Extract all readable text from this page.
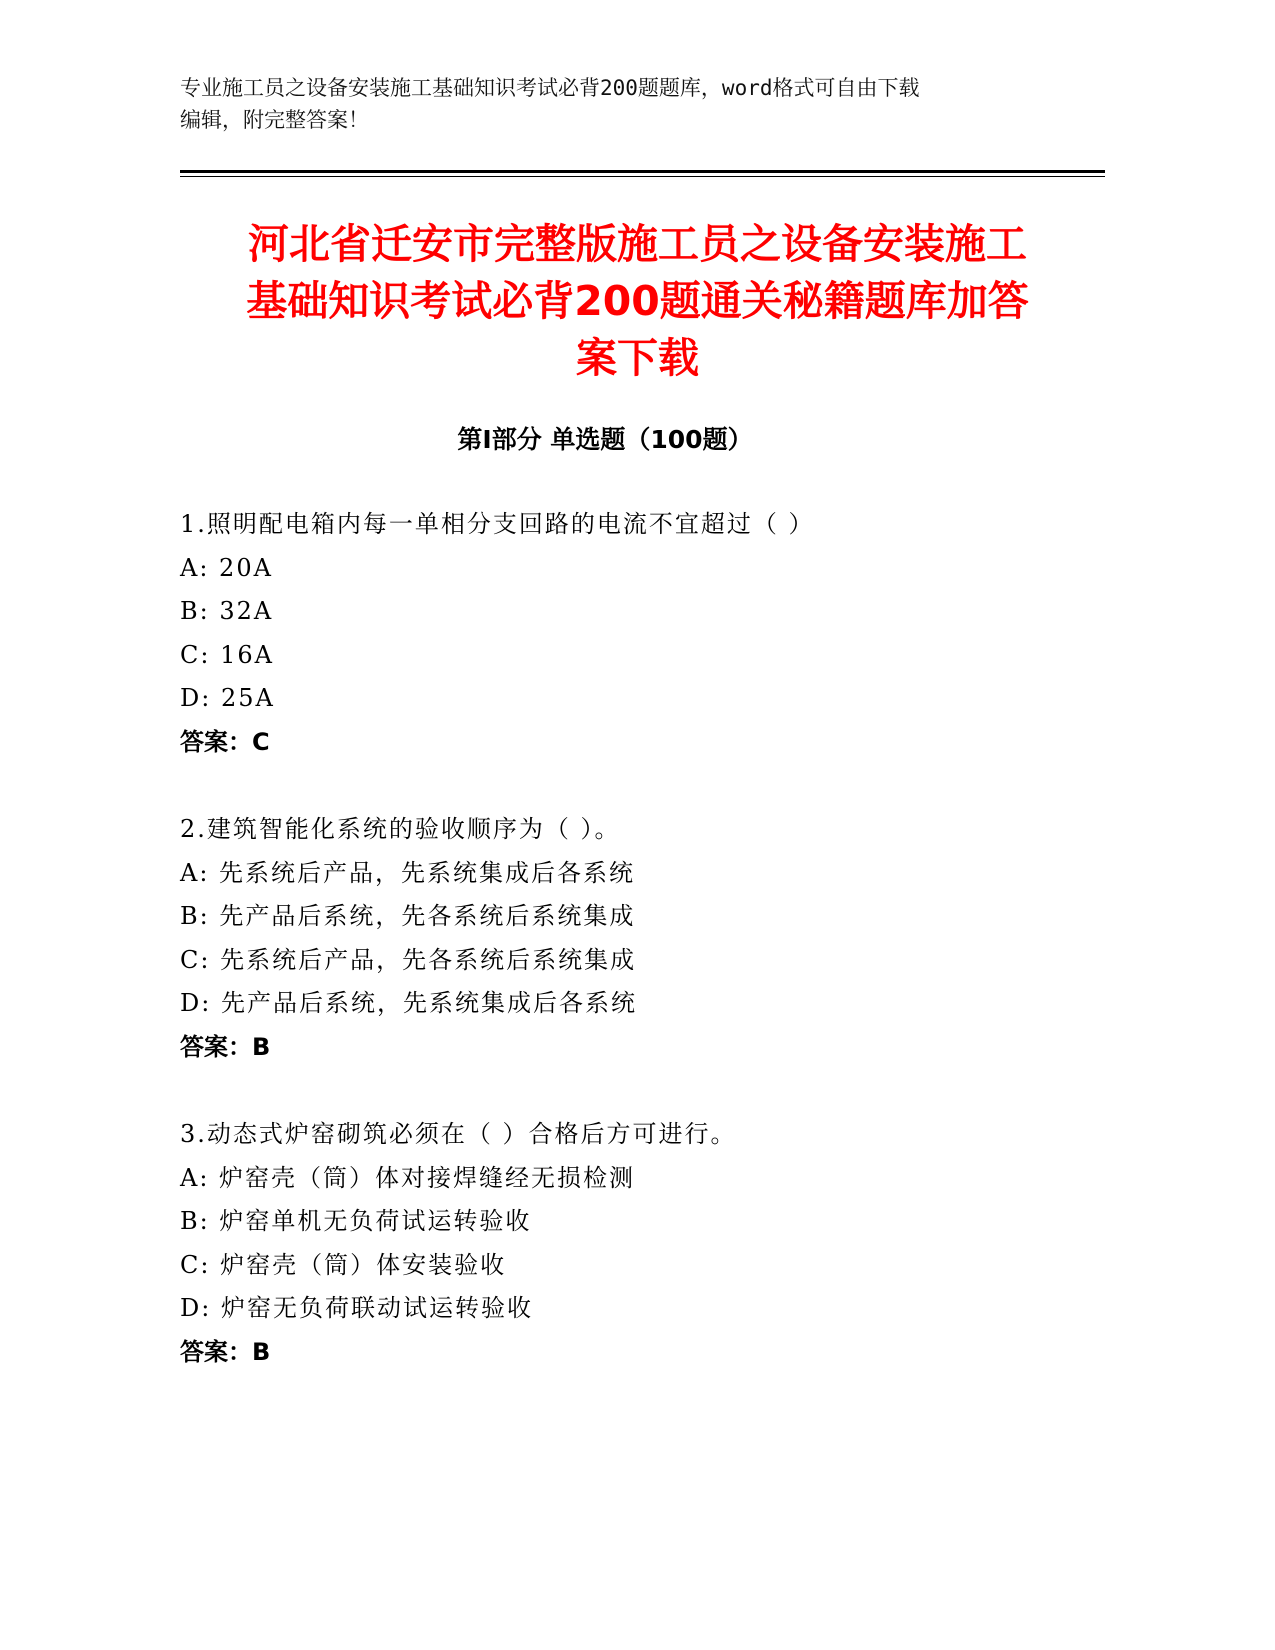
专业施工员之设备安装施工基础知识考试必背200题题库，word格式可自由下载
编辑，附完整答案！
河北省迁安市完整版施工员之设备安装施工
基础知识考试必背200题通关秘籍题库加答
案下载
第Ⅰ部分 单选题（100题）
1.照明配电箱内每一单相分支回路的电流不宜超过（ ）
A: 20A
B: 32A
C: 16A
D: 25A
答案：C
2.建筑智能化系统的验收顺序为（ ）。
A: 先系统后产品，先系统集成后各系统
B: 先产品后系统，先各系统后系统集成
C: 先系统后产品，先各系统后系统集成
D: 先产品后系统，先系统集成后各系统
答案：B
3.动态式炉窑砌筑必须在（ ）合格后方可进行。
A: 炉窑壳（筒）体对接焊缝经无损检测
B: 炉窑单机无负荷试运转验收
C: 炉窑壳（筒）体安装验收
D: 炉窑无负荷联动试运转验收
答案：B
